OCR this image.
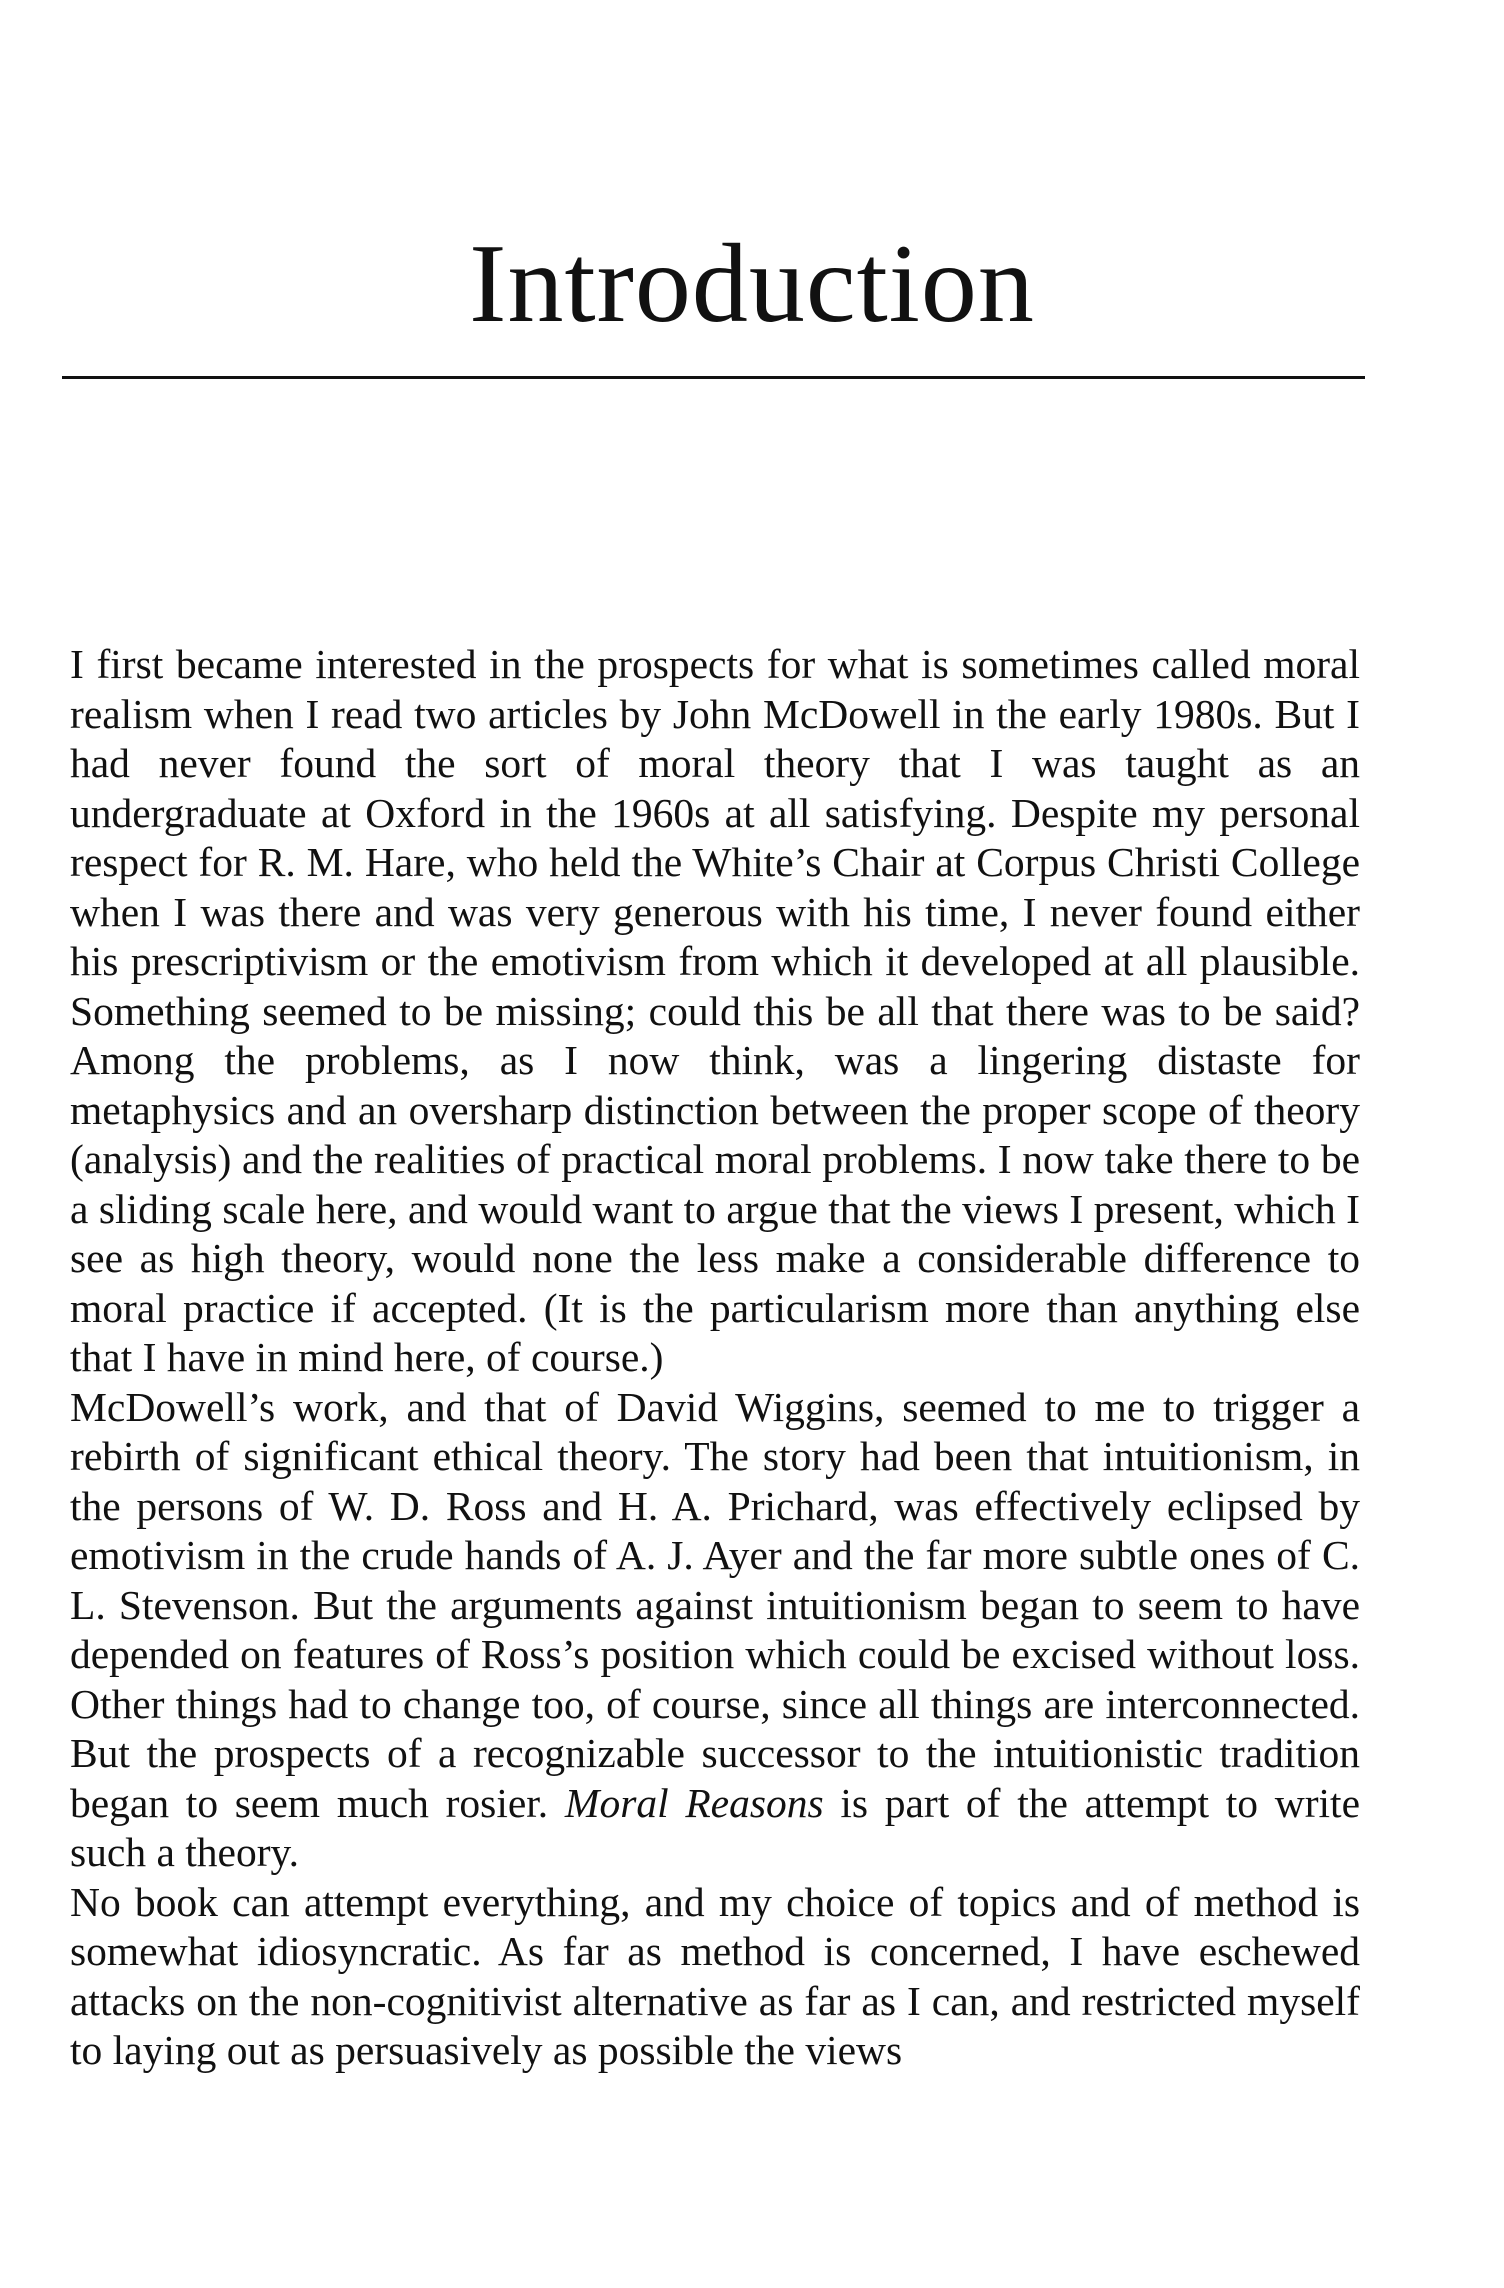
Introduction

I first became interested in the prospects for what is sometimes called moral realism when I read two articles by John McDowell in the early 1980s. But I had never found the sort of moral theory that I was taught as an undergraduate at Oxford in the 1960s at all satisfying. Despite my personal respect for R. M. Hare, who held the White’s Chair at Corpus Christi College when I was there and was very generous with his time, I never found either his prescriptivism or the emotivism from which it developed at all plausible. Something seemed to be missing; could this be all that there was to be said? Among the problems, as I now think, was a lingering distaste for metaphysics and an oversharp distinction between the proper scope of theory (analysis) and the realities of practical moral problems. I now take there to be a sliding scale here, and would want to argue that the views I present, which I see as high theory, would none the less make a considerable difference to moral practice if accepted. (It is the particularism more than anything else that I have in mind here, of course.)

McDowell’s work, and that of David Wiggins, seemed to me to trigger a rebirth of significant ethical theory. The story had been that intuitionism, in the persons of W. D. Ross and H. A. Prichard, was effectively eclipsed by emotivism in the crude hands of A. J. Ayer and the far more subtle ones of C. L. Stevenson. But the arguments against intuitionism began to seem to have depended on features of Ross’s position which could be excised without loss. Other things had to change too, of course, since all things are interconnected. But the prospects of a recognizable successor to the intuitionistic tradition began to seem much rosier. Moral Reasons is part of the attempt to write such a theory.

No book can attempt everything, and my choice of topics and of method is somewhat idiosyncratic. As far as method is concerned, I have eschewed attacks on the non-cognitivist alternative as far as I can, and restricted myself to laying out as persuasively as possible the views
